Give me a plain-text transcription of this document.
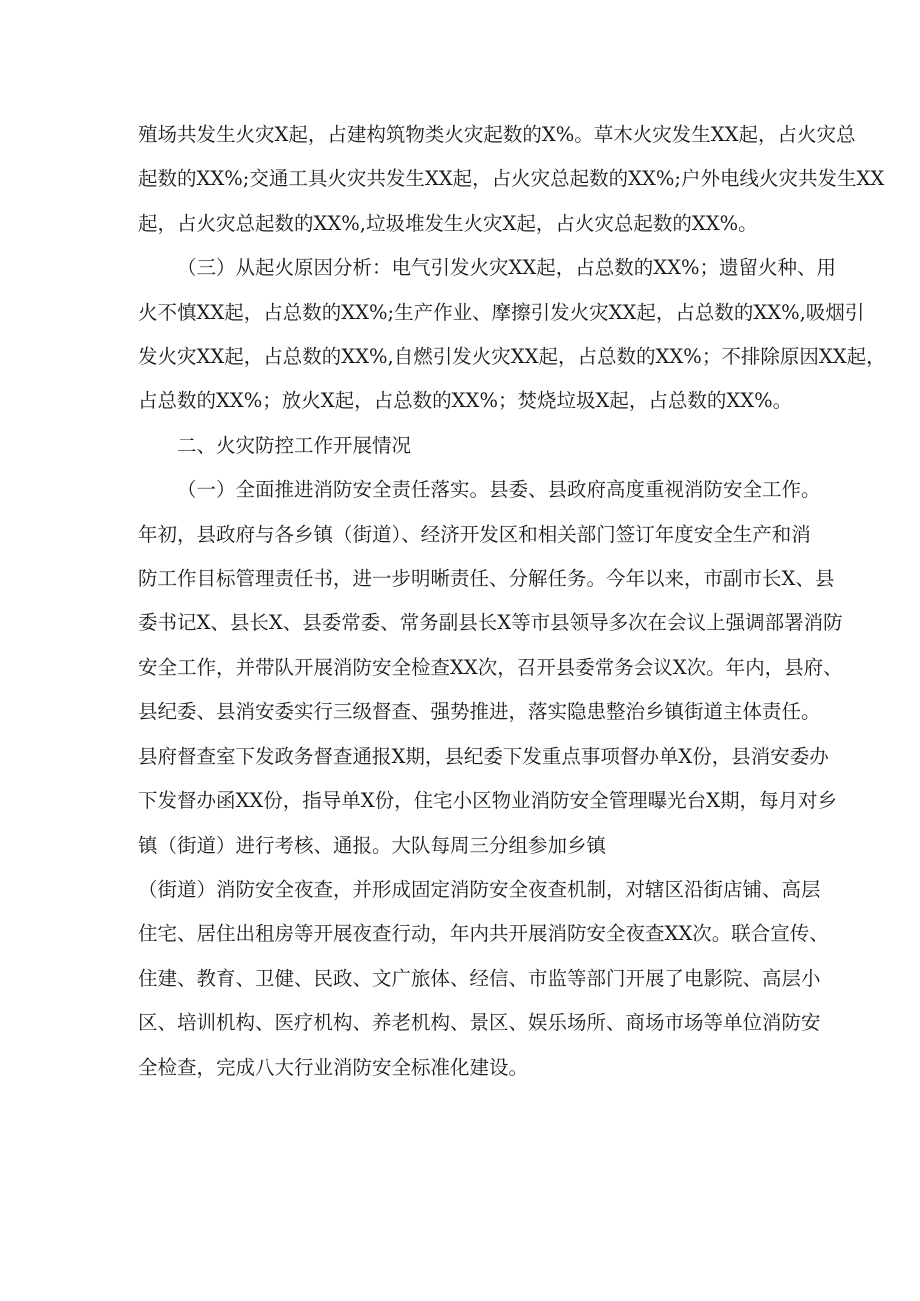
殖场共发生火灾X起，占建构筑物类火灾起数的X%。草木火灾发生XX起，占火灾总
起数的XX%;交通工具火灾共发生XX起，占火灾总起数的XX%;户外电线火灾共发生XX
起，占火灾总起数的XX%,垃圾堆发生火灾X起，占火灾总起数的XX%。
（三）从起火原因分析：电气引发火灾XX起，占总数的XX%；遗留火种、用
火不慎XX起，占总数的XX%;生产作业、摩擦引发火灾XX起，占总数的XX%,吸烟引
发火灾XX起，占总数的XX%,自燃引发火灾XX起，占总数的XX%；不排除原因XX起，
占总数的XX%；放火X起，占总数的XX%；焚烧垃圾X起，占总数的XX%。
二、火灾防控工作开展情况
（一）全面推进消防安全责任落实。县委、县政府高度重视消防安全工作。
年初，县政府与各乡镇（街道）、经济开发区和相关部门签订年度安全生产和消
防工作目标管理责任书，进一步明晰责任、分解任务。今年以来，市副市长X、县
委书记X、县长X、县委常委、常务副县长X等市县领导多次在会议上强调部署消防
安全工作，并带队开展消防安全检查XX次，召开县委常务会议X次。年内，县府、
县纪委、县消安委实行三级督查、强势推进，落实隐患整治乡镇街道主体责任。
县府督查室下发政务督查通报X期，县纪委下发重点事项督办单X份，县消安委办
下发督办函XX份，指导单X份，住宅小区物业消防安全管理曝光台X期，每月对乡
镇（街道）进行考核、通报。大队每周三分组参加乡镇
（街道）消防安全夜查，并形成固定消防安全夜查机制，对辖区沿街店铺、高层
住宅、居住出租房等开展夜查行动，年内共开展消防安全夜查XX次。联合宣传、
住建、教育、卫健、民政、文广旅体、经信、市监等部门开展了电影院、高层小
区、培训机构、医疗机构、养老机构、景区、娱乐场所、商场市场等单位消防安
全检查，完成八大行业消防安全标准化建设。
